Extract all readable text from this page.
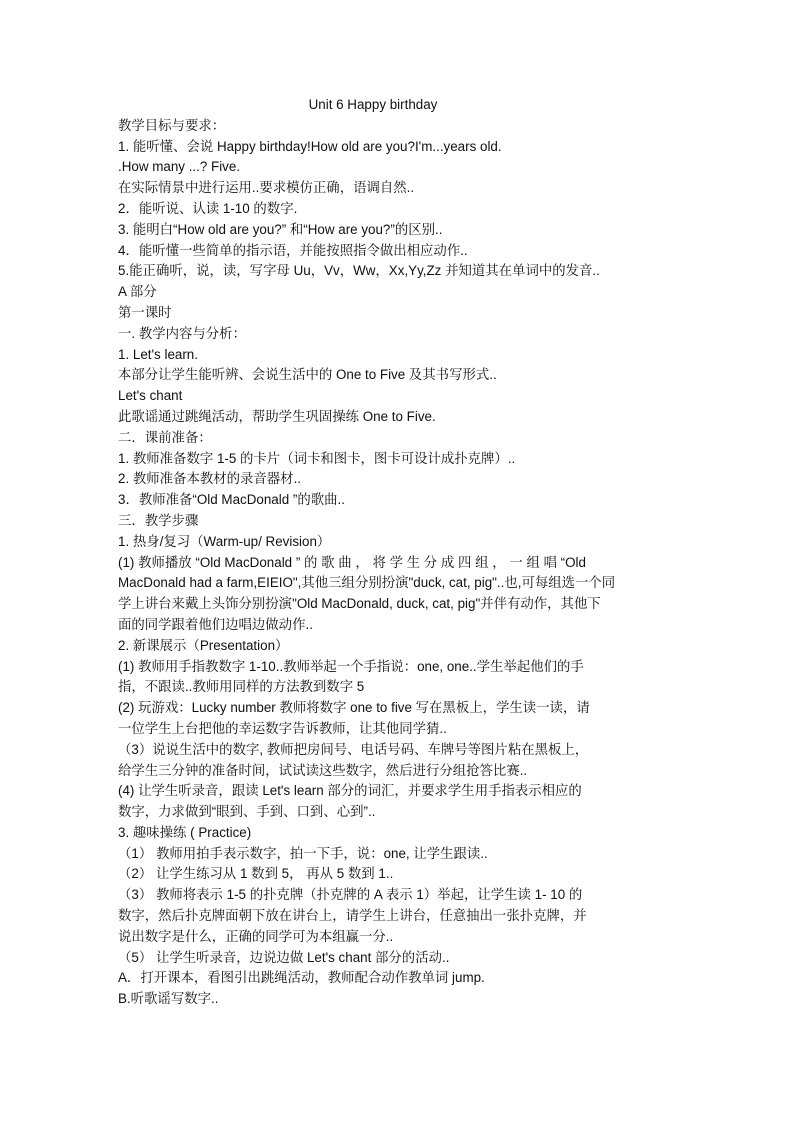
Unit 6 Happy birthday
教学目标与要求：
1. 能听懂、会说 Happy birthday!How old are you?I'm...years old.
.How many ...? Five.
在实际情景中进行运用..要求模仿正确，语调自然..
2．能听说、认读 1-10 的数字.
3. 能明白“How old are you?” 和“How are you?”的区别..
4．能听懂一些简单的指示语，并能按照指令做出相应动作..
5.能正确听，说，读，写字母 Uu，Vv，Ww，Xx,Yy,Zz 并知道其在单词中的发音..
A 部分
第一课时
一. 教学内容与分析：
1. Let's learn.
本部分让学生能听辨、会说生活中的 One to Five 及其书写形式..
Let's chant
此歌谣通过跳绳活动，帮助学生巩固操练 One to Five.
二．课前准备：
1. 教师准备数字 1-5 的卡片（词卡和图卡，图卡可设计成扑克牌）..
2. 教师准备本教材的录音器材..
3．教师准备“Old MacDonald ”的歌曲..
三．教学步骤
1. 热身/复习（Warm-up/ Revision）
(1) 教师播放 “Old MacDonald ” 的 歌 曲 ， 将 学 生 分 成 四 组 ， 一 组 唱 “Old
MacDonald had a farm,EIEIO",其他三组分别扮演"duck, cat, pig"..也,可每组选一个同
学上讲台来戴上头饰分别扮演"Old MacDonald, duck, cat, pig"并伴有动作，其他下
面的同学跟着他们边唱边做动作..
2. 新课展示（Presentation）
(1) 教师用手指教数字 1-10..教师举起一个手指说：one, one..学生举起他们的手
指，不跟读..教师用同样的方法教到数字 5
(2) 玩游戏：Lucky number 教师将数字 one to five 写在黑板上，学生读一读，请
一位学生上台把他的幸运数字告诉教师，让其他同学猜..
（3）说说生活中的数字, 教师把房间号、电话号码、车牌号等图片粘在黑板上，
给学生三分钟的准备时间，试试读这些数字，然后进行分组抢答比赛..
(4) 让学生听录音，跟读 Let's learn 部分的词汇，并要求学生用手指表示相应的
数字，力求做到“眼到、手到、口到、心到”..
3. 趣味操练 ( Practice)
（1） 教师用拍手表示数字，拍一下手，说：one, 让学生跟读..
（2） 让学生练习从 1 数到 5， 再从 5 数到 1..
（3） 教师将表示 1-5 的扑克牌（扑克牌的 A 表示 1）举起，让学生读 1- 10 的
数字，然后扑克牌面朝下放在讲台上，请学生上讲台，任意抽出一张扑克牌，并
说出数字是什么，正确的同学可为本组赢一分..
（5） 让学生听录音，边说边做 Let's chant 部分的活动..
A．打开课本，看图引出跳绳活动，教师配合动作教单词 jump.
B.听歌谣写数字..
